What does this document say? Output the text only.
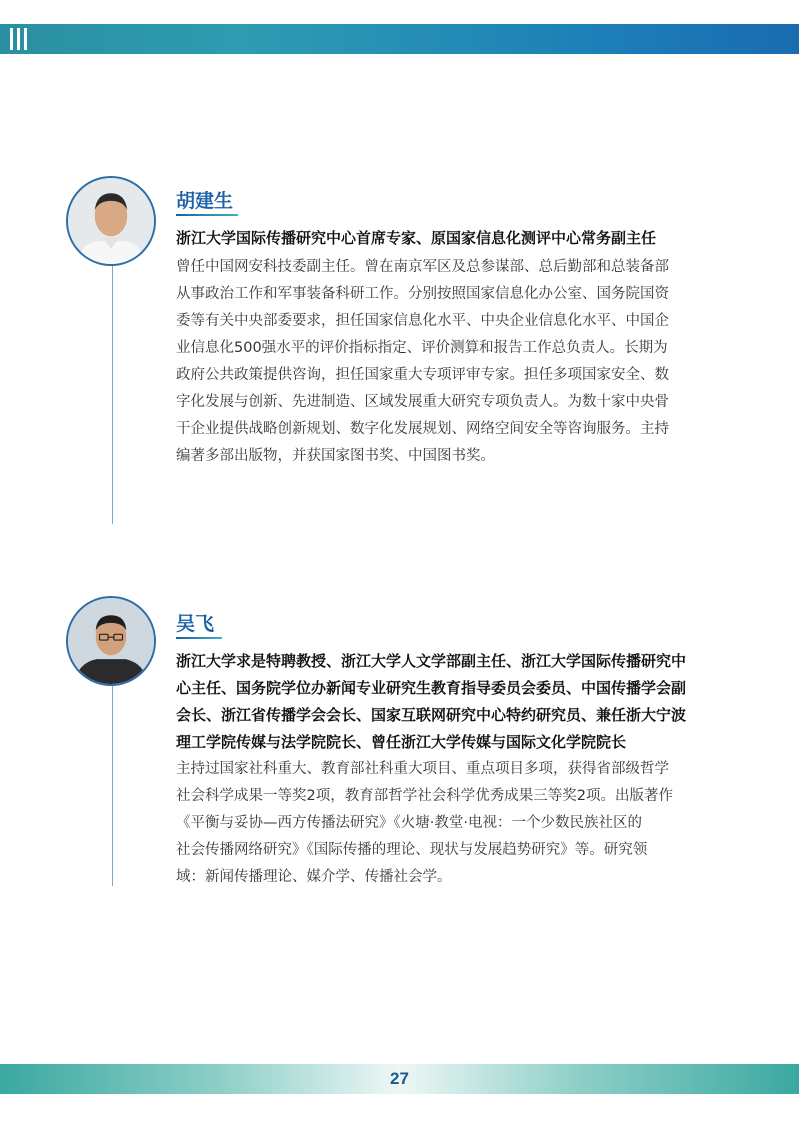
胡建生
浙江大学国际传播研究中心首席专家、原国家信息化测评中心常务副主任
曾任中国网安科技委副主任。曾在南京军区及总参谋部、总后勤部和总装备部
从事政治工作和军事装备科研工作。分别按照国家信息化办公室、国务院国资
委等有关中央部委要求，担任国家信息化水平、中央企业信息化水平、中国企
业信息化500强水平的评价指标指定、评价测算和报告工作总负责人。长期为
政府公共政策提供咨询，担任国家重大专项评审专家。担任多项国家安全、数
字化发展与创新、先进制造、区域发展重大研究专项负责人。为数十家中央骨
干企业提供战略创新规划、数字化发展规划、网络空间安全等咨询服务。主持
编著多部出版物，并获国家图书奖、中国图书奖。
吴飞
浙江大学求是特聘教授、浙江大学人文学部副主任、浙江大学国际传播研究中
心主任、国务院学位办新闻专业研究生教育指导委员会委员、中国传播学会副
会长、浙江省传播学会会长、国家互联网研究中心特约研究员、兼任浙大宁波
理工学院传媒与法学院院长、曾任浙江大学传媒与国际文化学院院长
主持过国家社科重大、教育部社科重大项目、重点项目多项，获得省部级哲学
社会科学成果一等奖2项，教育部哲学社会科学优秀成果三等奖2项。出版著作
《平衡与妥协—西方传播法研究》《火塘·教堂·电视：一个少数民族社区的
社会传播网络研究》《国际传播的理论、现状与发展趋势研究》等。研究领
域：新闻传播理论、媒介学、传播社会学。
27
